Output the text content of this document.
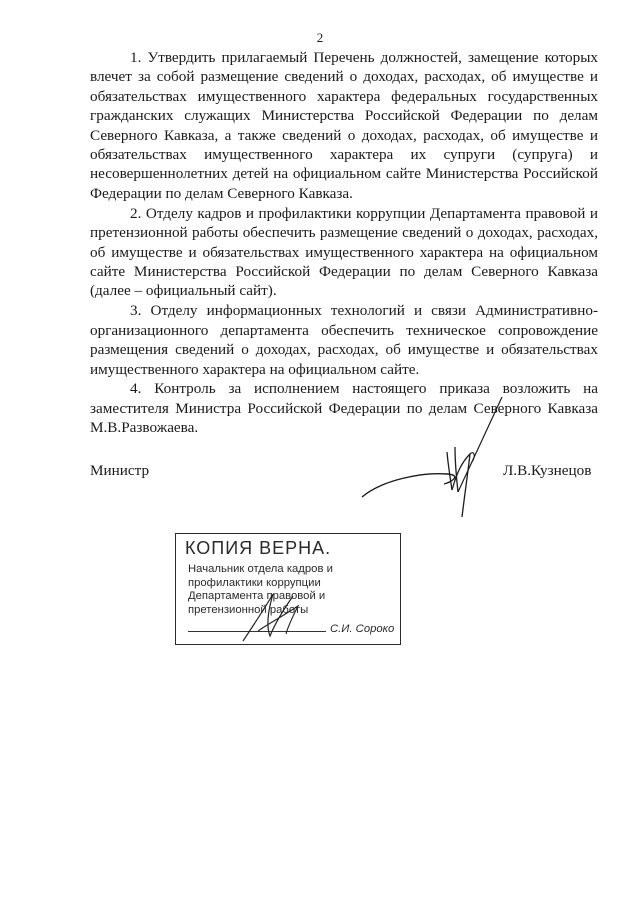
2

1. Утвердить прилагаемый Перечень должностей, замещение которых влечет за собой размещение сведений о доходах, расходах, об имуществе и обязательствах имущественного характера федеральных государственных гражданских служащих Министерства Российской Федерации по делам Северного Кавказа, а также сведений о доходах, расходах, об имуществе и обязательствах имущественного характера их супруги (супруга) и несовершеннолетних детей на официальном сайте Министерства Российской Федерации по делам Северного Кавказа.

2. Отделу кадров и профилактики коррупции Департамента правовой и претензионной работы обеспечить размещение сведений о доходах, расходах, об имуществе и обязательствах имущественного характера на официальном сайте Министерства Российской Федерации по делам Северного Кавказа (далее – официальный сайт).

3. Отделу информационных технологий и связи Административно-организационного департамента обеспечить техническое сопровождение размещения сведений о доходах, расходах, об имуществе и обязательствах имущественного характера на официальном сайте.

4. Контроль за исполнением настоящего приказа возложить на заместителя Министра Российской Федерации по делам Северного Кавказа М.В.Развожаева.

Министр	Л.В.Кузнецов
КОПИЯ ВЕРНА.
Начальник отдела кадров и
профилактики коррупции
Департамента правовой и
претензионной работы
С.И. Сороко
